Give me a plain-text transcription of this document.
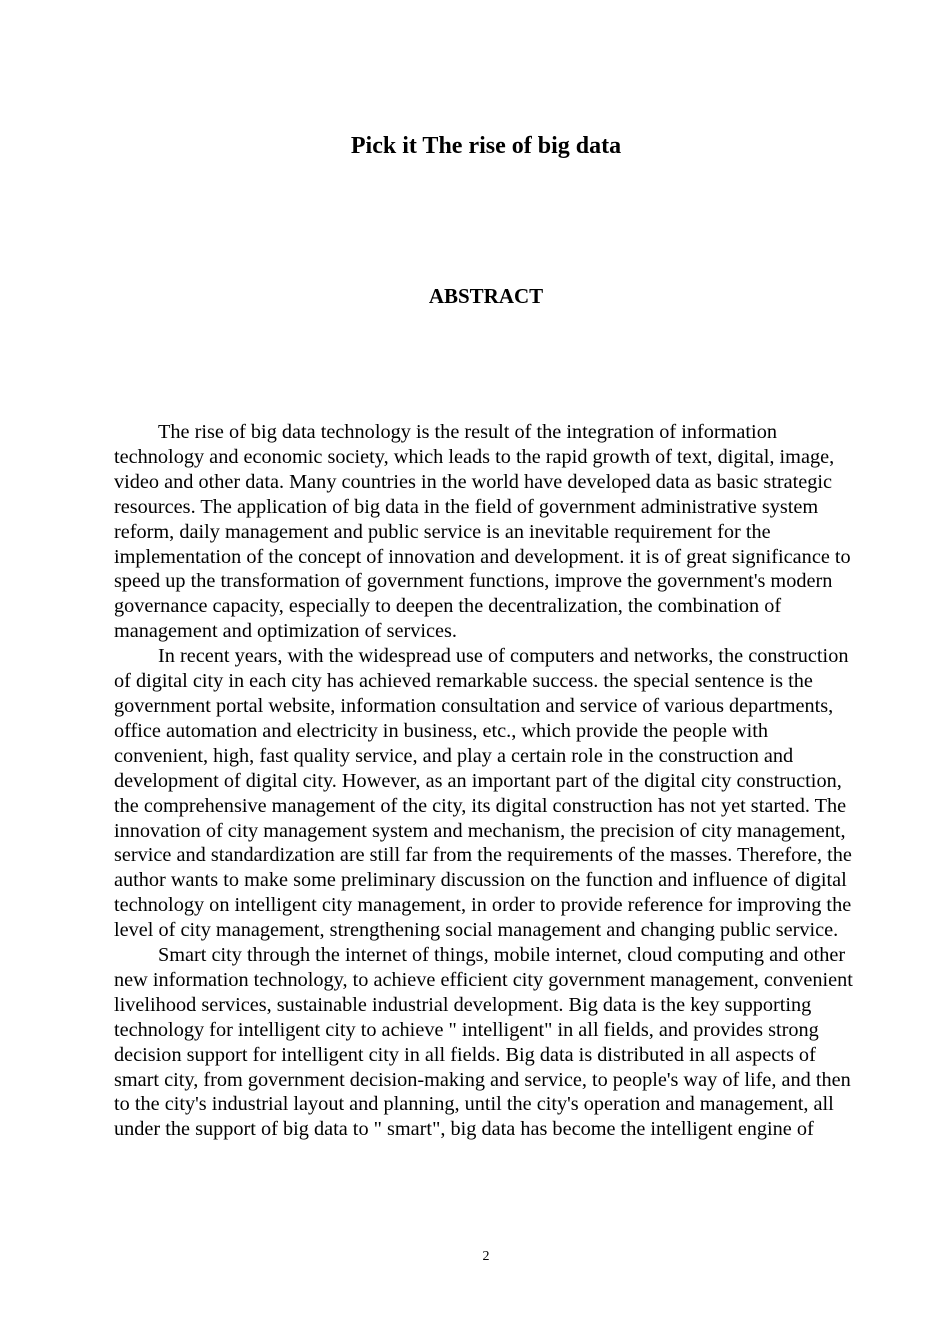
Pick it The rise of big data
ABSTRACT

The rise of big data technology is the result of the integration of information technology and economic society, which leads to the rapid growth of text, digital, image, video and other data. Many countries in the world have developed data as basic strategic resources. The application of big data in the field of government administrative system reform, daily management and public service is an inevitable requirement for the implementation of the concept of innovation and development. it is of great significance to speed up the transformation of government functions, improve the government's modern governance capacity, especially to deepen the decentralization, the combination of management and optimization of services.

In recent years, with the widespread use of computers and networks, the construction of digital city in each city has achieved remarkable success. the special sentence is the government portal website, information consultation and service of various departments, office automation and electricity in business, etc., which provide the people with convenient, high, fast quality service, and play a certain role in the construction and development of digital city. However, as an important part of the digital city construction, the comprehensive management of the city, its digital construction has not yet started. The innovation of city management system and mechanism, the precision of city management, service and standardization are still far from the requirements of the masses. Therefore, the author wants to make some preliminary discussion on the function and influence of digital technology on intelligent city management, in order to provide reference for improving the level of city management, strengthening social management and changing public service.

Smart city through the internet of things, mobile internet, cloud computing and other new information technology, to achieve efficient city government management, convenient livelihood services, sustainable industrial development. Big data is the key supporting technology for intelligent city to achieve " intelligent" in all fields, and provides strong decision support for intelligent city in all fields. Big data is distributed in all aspects of smart city, from government decision-making and service, to people's way of life, and then to the city's industrial layout and planning, until the city's operation and management, all under the support of big data to " smart", big data has become the intelligent engine of

2
